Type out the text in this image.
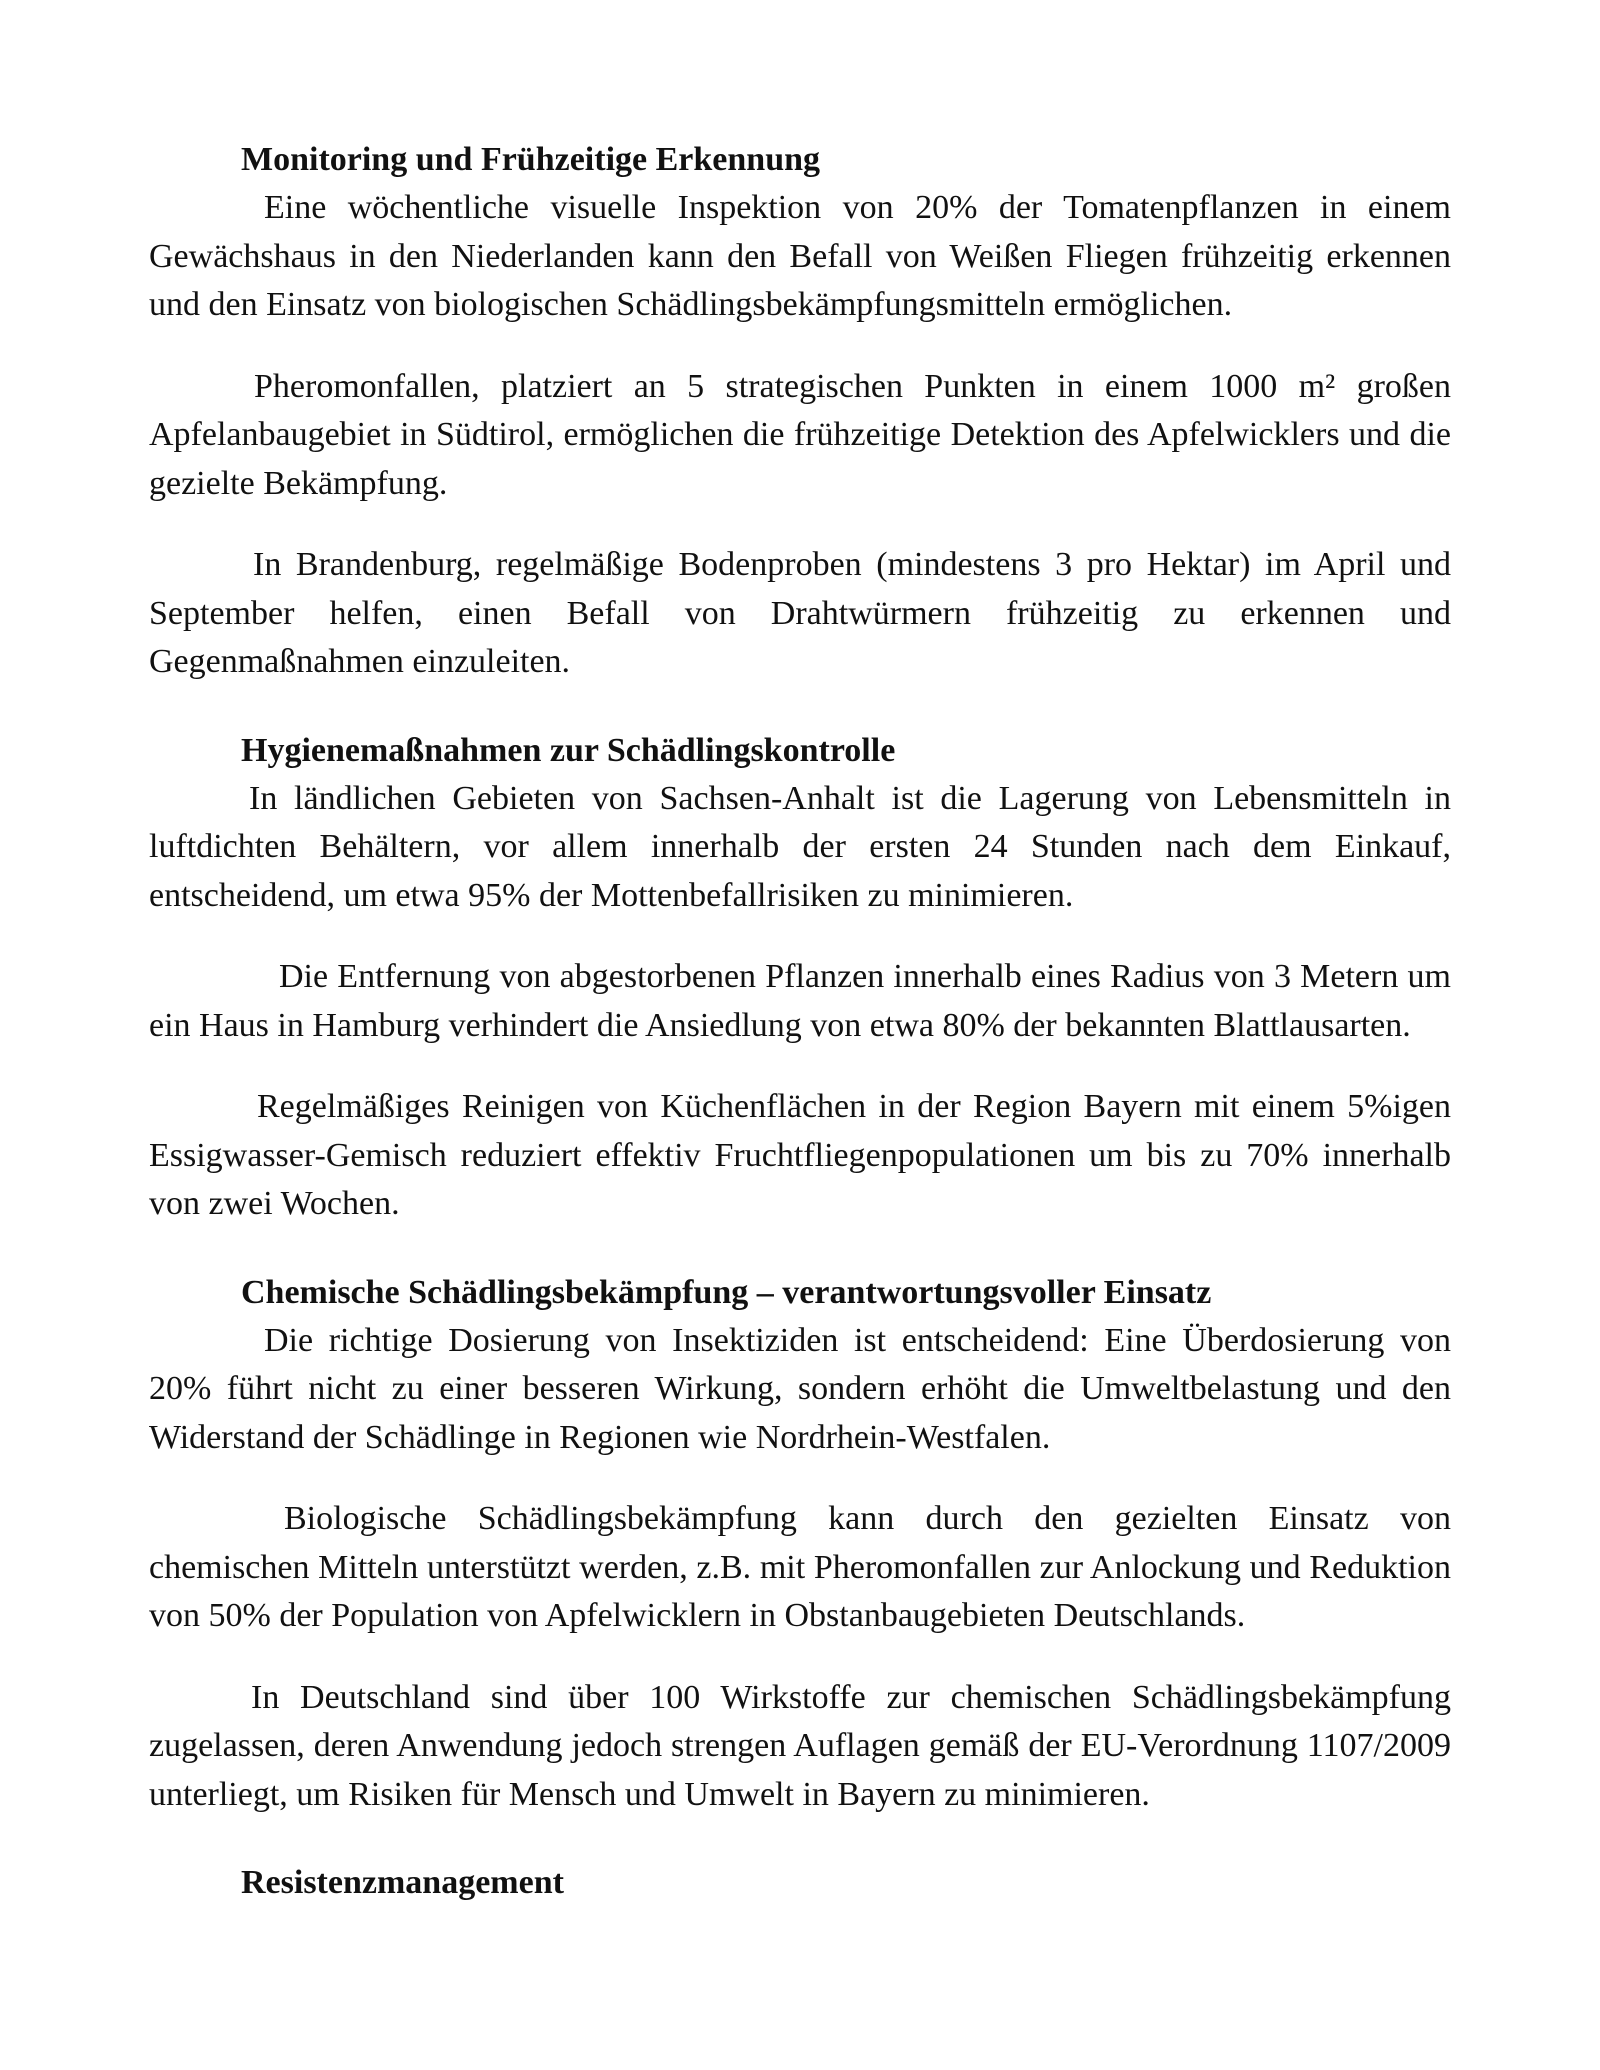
Monitoring und Frühzeitige Erkennung

Eine wöchentliche visuelle Inspektion von 20% der Tomatenpflanzen in einem Gewächshaus in den Niederlanden kann den Befall von Weißen Fliegen frühzeitig erkennen und den Einsatz von biologischen Schädlingsbekämpfungsmitteln ermöglichen.

Pheromonfallen, platziert an 5 strategischen Punkten in einem 1000 m² großen Apfelanbaugebiet in Südtirol, ermöglichen die frühzeitige Detektion des Apfelwicklers und die gezielte Bekämpfung.

In Brandenburg, regelmäßige Bodenproben (mindestens 3 pro Hektar) im April und September helfen, einen Befall von Drahtwürmern frühzeitig zu erkennen und Gegenmaßnahmen einzuleiten.

Hygienemaßnahmen zur Schädlingskontrolle

In ländlichen Gebieten von Sachsen-Anhalt ist die Lagerung von Lebensmitteln in luftdichten Behältern, vor allem innerhalb der ersten 24 Stunden nach dem Einkauf, entscheidend, um etwa 95% der Mottenbefallrisiken zu minimieren.

Die Entfernung von abgestorbenen Pflanzen innerhalb eines Radius von 3 Metern um ein Haus in Hamburg verhindert die Ansiedlung von etwa 80% der bekannten Blattlausarten.

Regelmäßiges Reinigen von Küchenflächen in der Region Bayern mit einem 5%igen Essigwasser-Gemisch reduziert effektiv Fruchtfliegenpopulationen um bis zu 70% innerhalb von zwei Wochen.

Chemische Schädlingsbekämpfung – verantwortungsvoller Einsatz

Die richtige Dosierung von Insektiziden ist entscheidend: Eine Überdosierung von 20% führt nicht zu einer besseren Wirkung, sondern erhöht die Umweltbelastung und den Widerstand der Schädlinge in Regionen wie Nordrhein-Westfalen.

Biologische Schädlingsbekämpfung kann durch den gezielten Einsatz von chemischen Mitteln unterstützt werden, z.B. mit Pheromonfallen zur Anlockung und Reduktion von 50% der Population von Apfelwicklern in Obstanbaugebieten Deutschlands.

In Deutschland sind über 100 Wirkstoffe zur chemischen Schädlingsbekämpfung zugelassen, deren Anwendung jedoch strengen Auflagen gemäß der EU-Verordnung 1107/2009 unterliegt, um Risiken für Mensch und Umwelt in Bayern zu minimieren.

Resistenzmanagement
